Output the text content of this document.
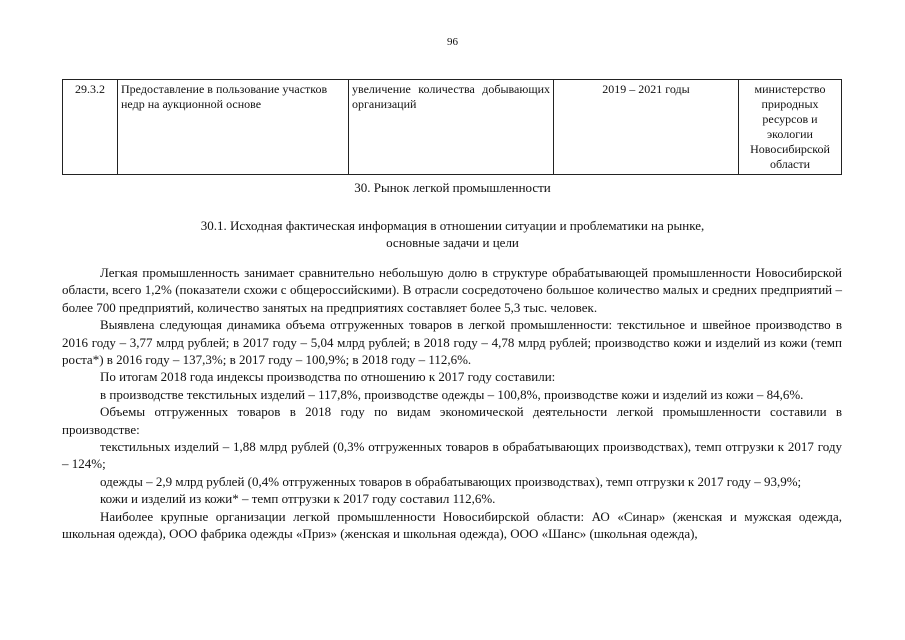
96
29.3.2	Предоставление в пользование участков недр на аукционной основе	увеличение количества добывающих организаций	2019 – 2021 годы	министерство природных ресурсов и экологии Новосибирской области
30. Рынок легкой промышленности
30.1. Исходная фактическая информация в отношении ситуации и проблематики на рынке, основные задачи и цели

Легкая промышленность занимает сравнительно небольшую долю в структуре обрабатывающей промышленности Новосибирской области, всего 1,2% (показатели схожи с общероссийскими). В отрасли сосредоточено большое количество малых и средних предприятий – более 700 предприятий, количество занятых на предприятиях составляет более 5,3 тыс. человек.

Выявлена следующая динамика объема отгруженных товаров в легкой промышленности: текстильное и швейное производство в 2016 году – 3,77 млрд рублей; в 2017 году – 5,04 млрд рублей; в 2018 году – 4,78 млрд рублей; производство кожи и изделий из кожи (темп роста*) в 2016 году – 137,3%; в 2017 году – 100,9%; в 2018 году – 112,6%.

По итогам 2018 года индексы производства по отношению к 2017 году составили:

в производстве текстильных изделий – 117,8%, производстве одежды – 100,8%, производстве кожи и изделий из кожи – 84,6%.

Объемы отгруженных товаров в 2018 году по видам экономической деятельности легкой промышленности составили в производстве:

текстильных изделий – 1,88 млрд рублей (0,3% отгруженных товаров в обрабатывающих производствах), темп отгрузки к 2017 году – 124%;

одежды – 2,9 млрд рублей (0,4% отгруженных товаров в обрабатывающих производствах), темп отгрузки к 2017 году – 93,9%;

кожи и изделий из кожи* – темп отгрузки к 2017 году составил 112,6%.

Наиболее крупные организации легкой промышленности Новосибирской области: АО «Синар» (женская и мужская одежда, школьная одежда), ООО фабрика одежды «Приз» (женская и школьная одежда), ООО «Шанс» (школьная одежда),
